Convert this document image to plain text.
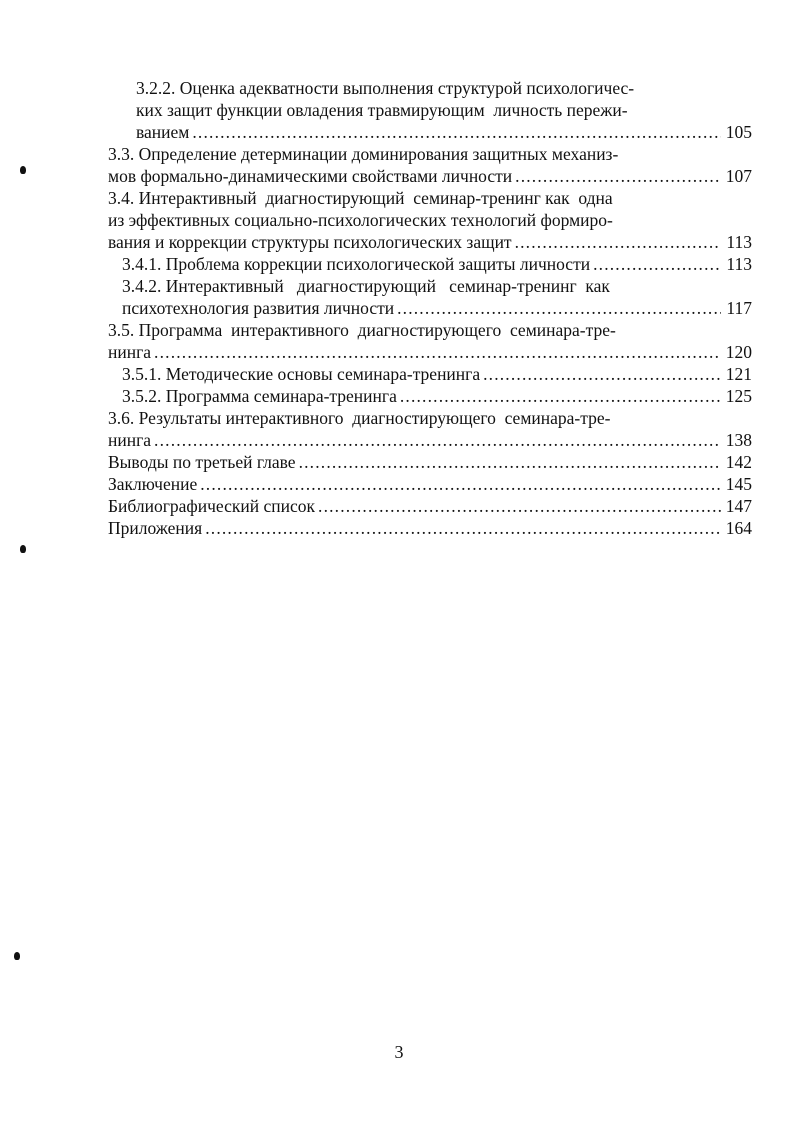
3.2.2. Оценка адекватности выполнения структурой психологичес-
ких защит функции овладения травмирующим  личность пережи-
ванием . . .	105
3.3. Определение детерминации доминирования защитных механиз-
мов формально-динамическими свойствами личности . . .	107
3.4. Интерактивный  диагностирующий  семинар-тренинг как  одна
из эффективных социально-психологических технологий формиро-
вания и коррекции структуры психологических защит . . .	113
3.4.1. Проблема коррекции психологической защиты личности . . .	113
3.4.2. Интерактивный   диагностирующий   семинар-тренинг  как
психотехнология развития личности . . .	117
3.5. Программа  интерактивного  диагностирующего  семинара-тре-
нинга . . .	120
3.5.1. Методические основы семинара-тренинга . . .	121
3.5.2. Программа семинара-тренинга . . .	125
3.6. Результаты интерактивного  диагностирующего  семинара-тре-
нинга . . .	138
Выводы по третьей главе . . .	142
Заключение . . .	145
Библиографический список . . .	147
Приложения . . .	164
3
